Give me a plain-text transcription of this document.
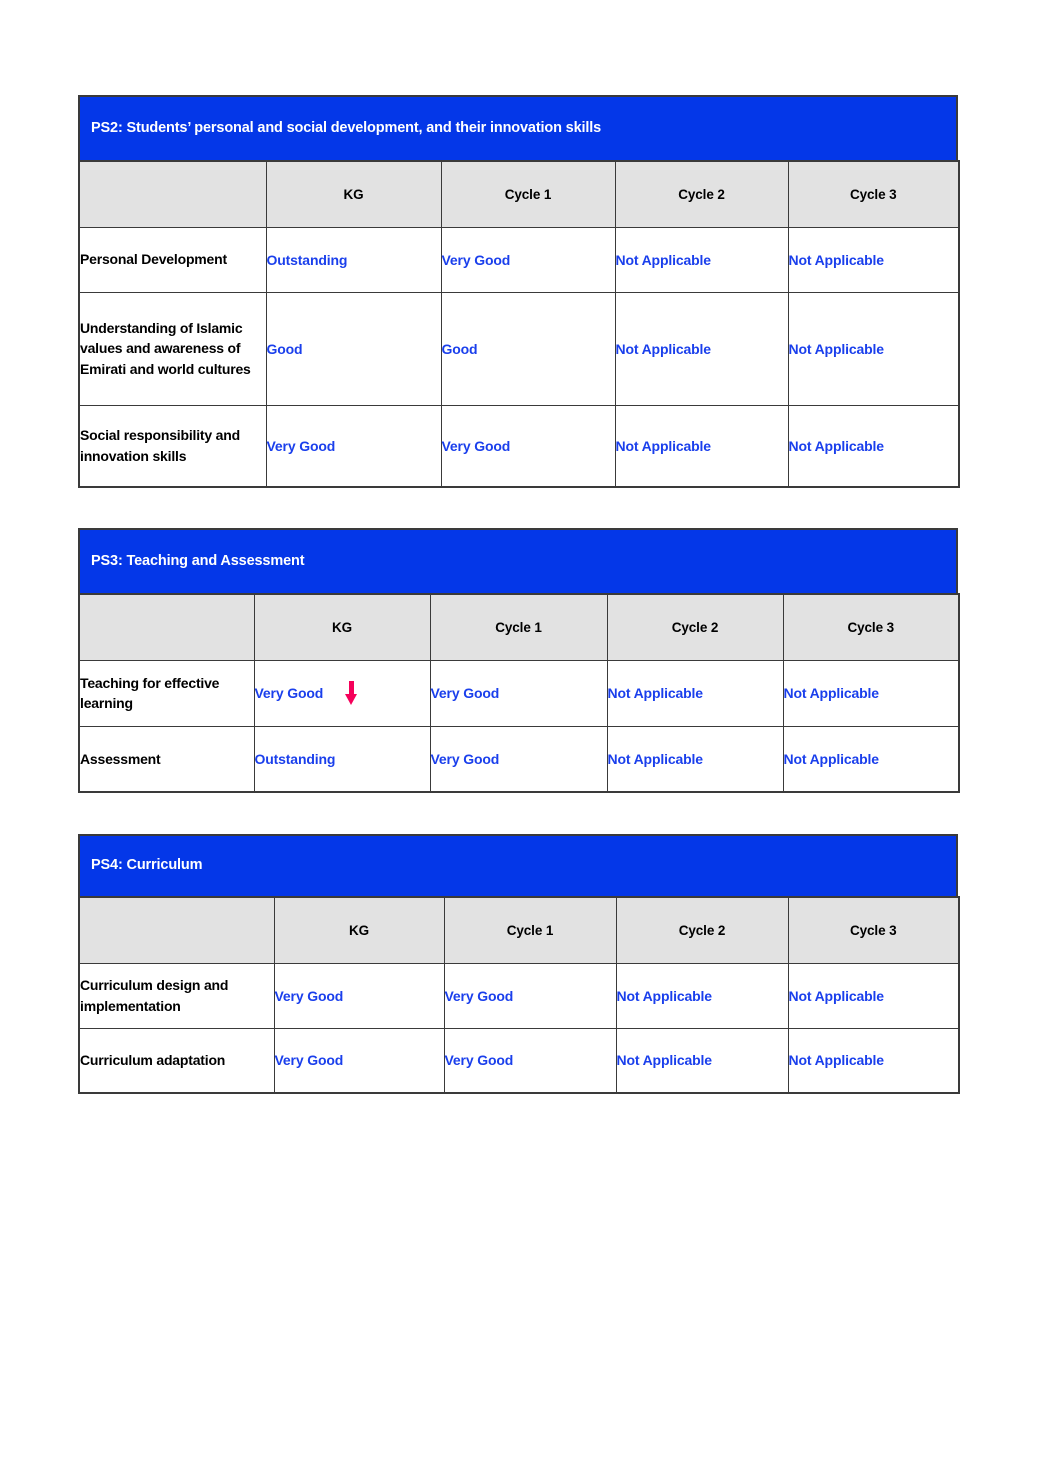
PS2: Students’ personal and social development, and their innovation skills
	KG	Cycle 1	Cycle 2	Cycle 3
Personal Development	Outstanding	Very Good	Not Applicable	Not Applicable

Understanding of Islamic values and awareness of Emirati and world cultures	Good	Good	Not Applicable	Not Applicable

Social responsibility and innovation skills	Very Good	Very Good	Not Applicable	Not Applicable
PS3: Teaching and Assessment
	KG	Cycle 1	Cycle 2	Cycle 3
Teaching for effective learning	Very Good	Very Good	Not Applicable	Not Applicable

Assessment	Outstanding	Very Good	Not Applicable	Not Applicable
PS4: Curriculum
	KG	Cycle 1	Cycle 2	Cycle 3
Curriculum design and implementation	Very Good	Very Good	Not Applicable	Not Applicable

Curriculum adaptation	Very Good	Very Good	Not Applicable	Not Applicable
